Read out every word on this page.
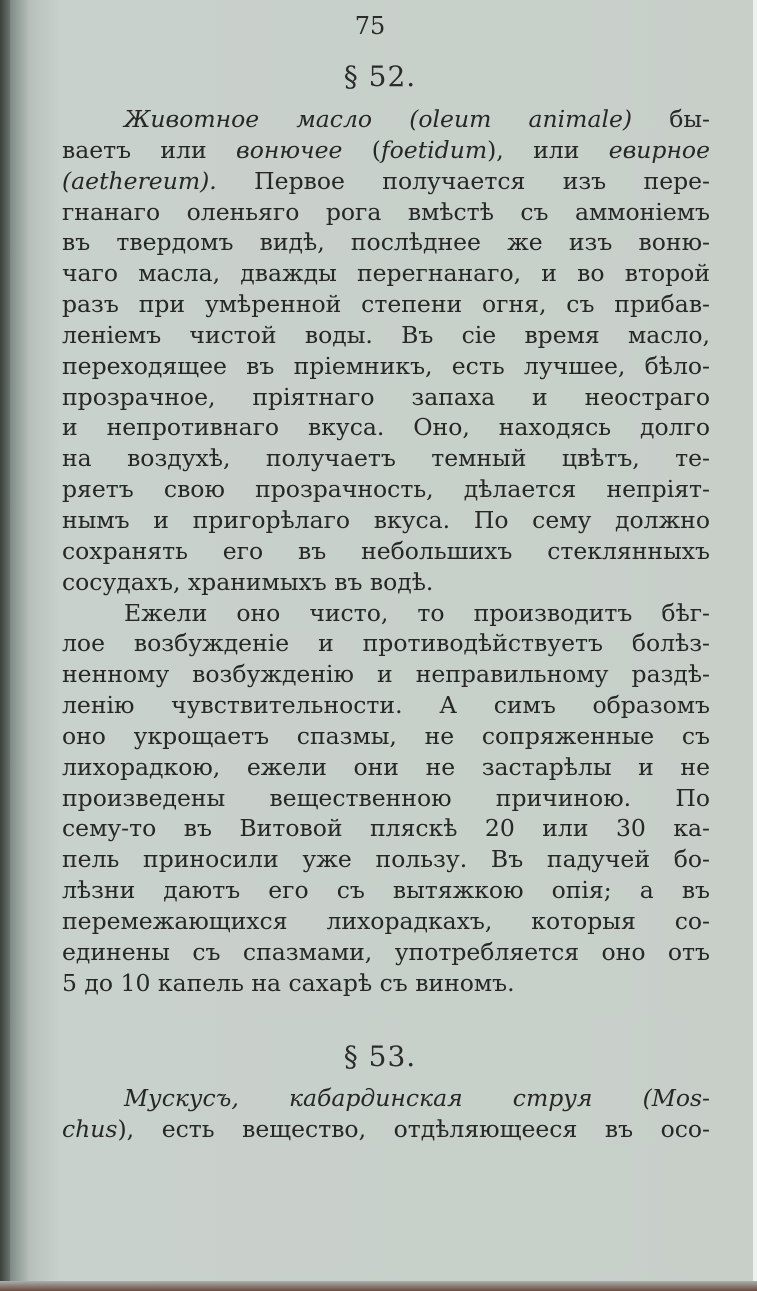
75
§ 52.
Животное масло (oleum animale) бы-
ваетъ или вонючее (foetidum), или евирное
(aethereum). Первое получается изъ пере-
гнанаго оленьяго рога вмѣстѣ съ аммоніемъ
въ твердомъ видѣ, послѣднее же изъ воню-
чаго масла, дважды перегнанаго, и во второй
разъ при умѣренной степени огня, съ прибав-
леніемъ чистой воды. Въ сіе время масло,
переходящее въ пріемникъ, есть лучшее, бѣло-
прозрачное, пріятнаго запаха и неостраго
и непротивнаго вкуса. Оно, находясь долго
на воздухѣ, получаетъ темный цвѣтъ, те-
ряетъ свою прозрачность, дѣлается непріят-
нымъ и пригорѣлаго вкуса. По сему должно
сохранять его въ небольшихъ стеклянныхъ
сосудахъ, хранимыхъ въ водѣ.
Ежели оно чисто, то производитъ бѣг-
лое возбужденіе и противодѣйствуетъ болѣз-
ненному возбужденію и неправильному раздѣ-
ленію чувствительности. А симъ образомъ
оно укрощаетъ спазмы, не сопряженные съ
лихорадкою, ежели они не застарѣлы и не
произведены вещественною причиною. По
сему-то въ Витовой пляскѣ 20 или 30 ка-
пель приносили уже пользу. Въ падучей бо-
лѣзни даютъ его съ вытяжкою опія; а въ
перемежающихся лихорадкахъ, которыя со-
единены съ спазмами, употребляется оно отъ
5 до 10 капель на сахарѣ съ виномъ.
§ 53.
Мускусъ, кабардинская струя (Mos-
chus), есть вещество, отдѣляющееся въ осо-
